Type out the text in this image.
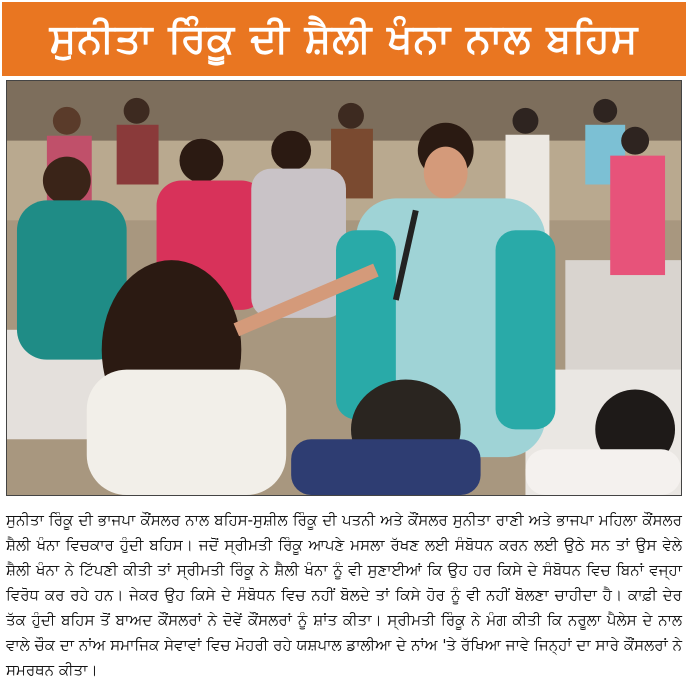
ਸੁਨੀਤਾ ਰਿੰਕੂ ਦੀ ਸ਼ੈਲੀ ਖੰਨਾ ਨਾਲ ਬਹਿਸ

ਸੁਨੀਤਾ ਰਿੰਕੂ ਦੀ ਭਾਜਪਾ ਕੌਂਸਲਰ ਨਾਲ ਬਹਿਸ-ਸੁਸ਼ੀਲ ਰਿੰਕੂ ਦੀ ਪਤਨੀ ਅਤੇ ਕੌਂਸਲਰ ਸੁਨੀਤਾ ਰਾਣੀ ਅਤੇ ਭਾਜਪਾ ਮਹਿਲਾ ਕੌਂਸਲਰ ਸ਼ੈਲੀ ਖੰਨਾ ਵਿਚਕਾਰ ਹੁੰਦੀ ਬਹਿਸ। ਜਦੋਂ ਸ੍ਰੀਮਤੀ ਰਿੰਕੂ ਆਪਣੇ ਮਸਲਾ ਰੱਖਣ ਲਈ ਸੰਬੋਧਨ ਕਰਨ ਲਈ ਉਠੇ ਸਨ ਤਾਂ ਉਸ ਵੇਲੇ ਸ਼ੈਲੀ ਖੰਨਾ ਨੇ ਟਿੱਪਣੀ ਕੀਤੀ ਤਾਂ ਸ੍ਰੀਮਤੀ ਰਿੰਕੂ ਨੇ ਸ਼ੈਲੀ ਖੰਨਾ ਨੂੰ ਵੀ ਸੁਣਾਈਆਂ ਕਿ ਉਹ ਹਰ ਕਿਸੇ ਦੇ ਸੰਬੋਧਨ ਵਿਚ ਬਿਨਾਂ ਵਜ੍ਹਾ ਵਿਰੋਧ ਕਰ ਰਹੇ ਹਨ। ਜੇਕਰ ਉਹ ਕਿਸੇ ਦੇ ਸੰਬੋਧਨ ਵਿਚ ਨਹੀਂ ਬੋਲਦੇ ਤਾਂ ਕਿਸੇ ਹੋਰ ਨੂੰ ਵੀ ਨਹੀਂ ਬੋਲਣਾ ਚਾਹੀਦਾ ਹੈ। ਕਾਫ਼ੀ ਦੇਰ ਤੱਕ ਹੁੰਦੀ ਬਹਿਸ ਤੋਂ ਬਾਅਦ ਕੌਂਸਲਰਾਂ ਨੇ ਦੋਵੇਂ ਕੌਂਸਲਰਾਂ ਨੂੰ ਸ਼ਾਂਤ ਕੀਤਾ। ਸ੍ਰੀਮਤੀ ਰਿੰਕੂ ਨੇ ਮੰਗ ਕੀਤੀ ਕਿ ਨਰੂਲਾ ਪੈਲੇਸ ਦੇ ਨਾਲ ਵਾਲੇ ਚੌਕ ਦਾ ਨਾਂਅ ਸਮਾਜਿਕ ਸੇਵਾਵਾਂ ਵਿਚ ਮੋਹਰੀ ਰਹੇ ਯਸ਼ਪਾਲ ਡਾਲੀਆ ਦੇ ਨਾਂਅ 'ਤੇ ਰੱਖਿਆ ਜਾਵੇ ਜਿਨ੍ਹਾਂ ਦਾ ਸਾਰੇ ਕੌਂਸਲਰਾਂ ਨੇ ਸਮਰਥਨ ਕੀਤਾ।
